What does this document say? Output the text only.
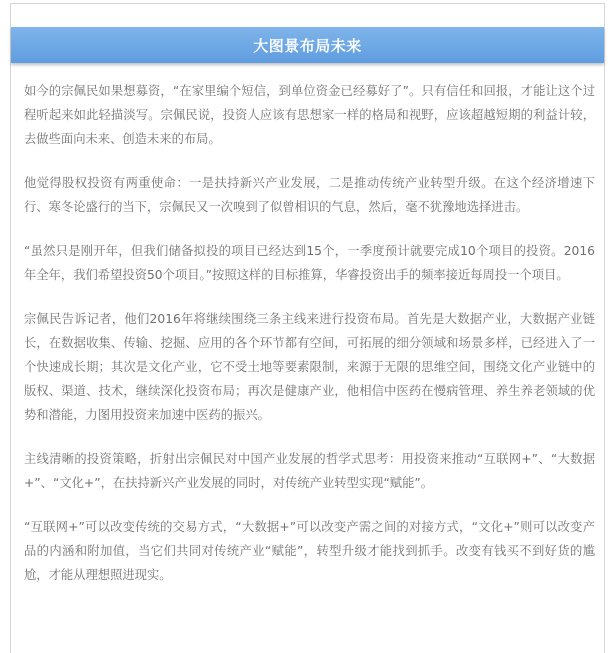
大图景布局未来

如今的宗佩民如果想募资，“在家里编个短信，到单位资金已经募好了”。只有信任和回报，才能让这个过程听起来如此轻描淡写。宗佩民说，投资人应该有思想家一样的格局和视野，应该超越短期的利益计较，去做些面向未来、创造未来的布局。

他觉得股权投资有两重使命：一是扶持新兴产业发展，二是推动传统产业转型升级。在这个经济增速下行、寒冬论盛行的当下，宗佩民又一次嗅到了似曾相识的气息，然后，毫不犹豫地选择进击。

“虽然只是刚开年，但我们储备拟投的项目已经达到15个，一季度预计就要完成10个项目的投资。2016年全年，我们希望投资50个项目。”按照这样的目标推算，华睿投资出手的频率接近每周投一个项目。

宗佩民告诉记者，他们2016年将继续围绕三条主线来进行投资布局。首先是大数据产业，大数据产业链长，在数据收集、传输、挖掘、应用的各个环节都有空间，可拓展的细分领域和场景多样，已经进入了一个快速成长期；其次是文化产业，它不受土地等要素限制，来源于无限的思维空间，围绕文化产业链中的版权、渠道、技术，继续深化投资布局；再次是健康产业，他相信中医药在慢病管理、养生养老领域的优势和潜能，力图用投资来加速中医药的振兴。

主线清晰的投资策略，折射出宗佩民对中国产业发展的哲学式思考：用投资来推动“互联网+”、“大数据+”、“文化+”，在扶持新兴产业发展的同时，对传统产业转型实现“赋能”。

“互联网+”可以改变传统的交易方式，“大数据+”可以改变产需之间的对接方式，“文化+”则可以改变产品的内涵和附加值，当它们共同对传统产业“赋能”，转型升级才能找到抓手。改变有钱买不到好货的尴尬，才能从理想照进现实。
